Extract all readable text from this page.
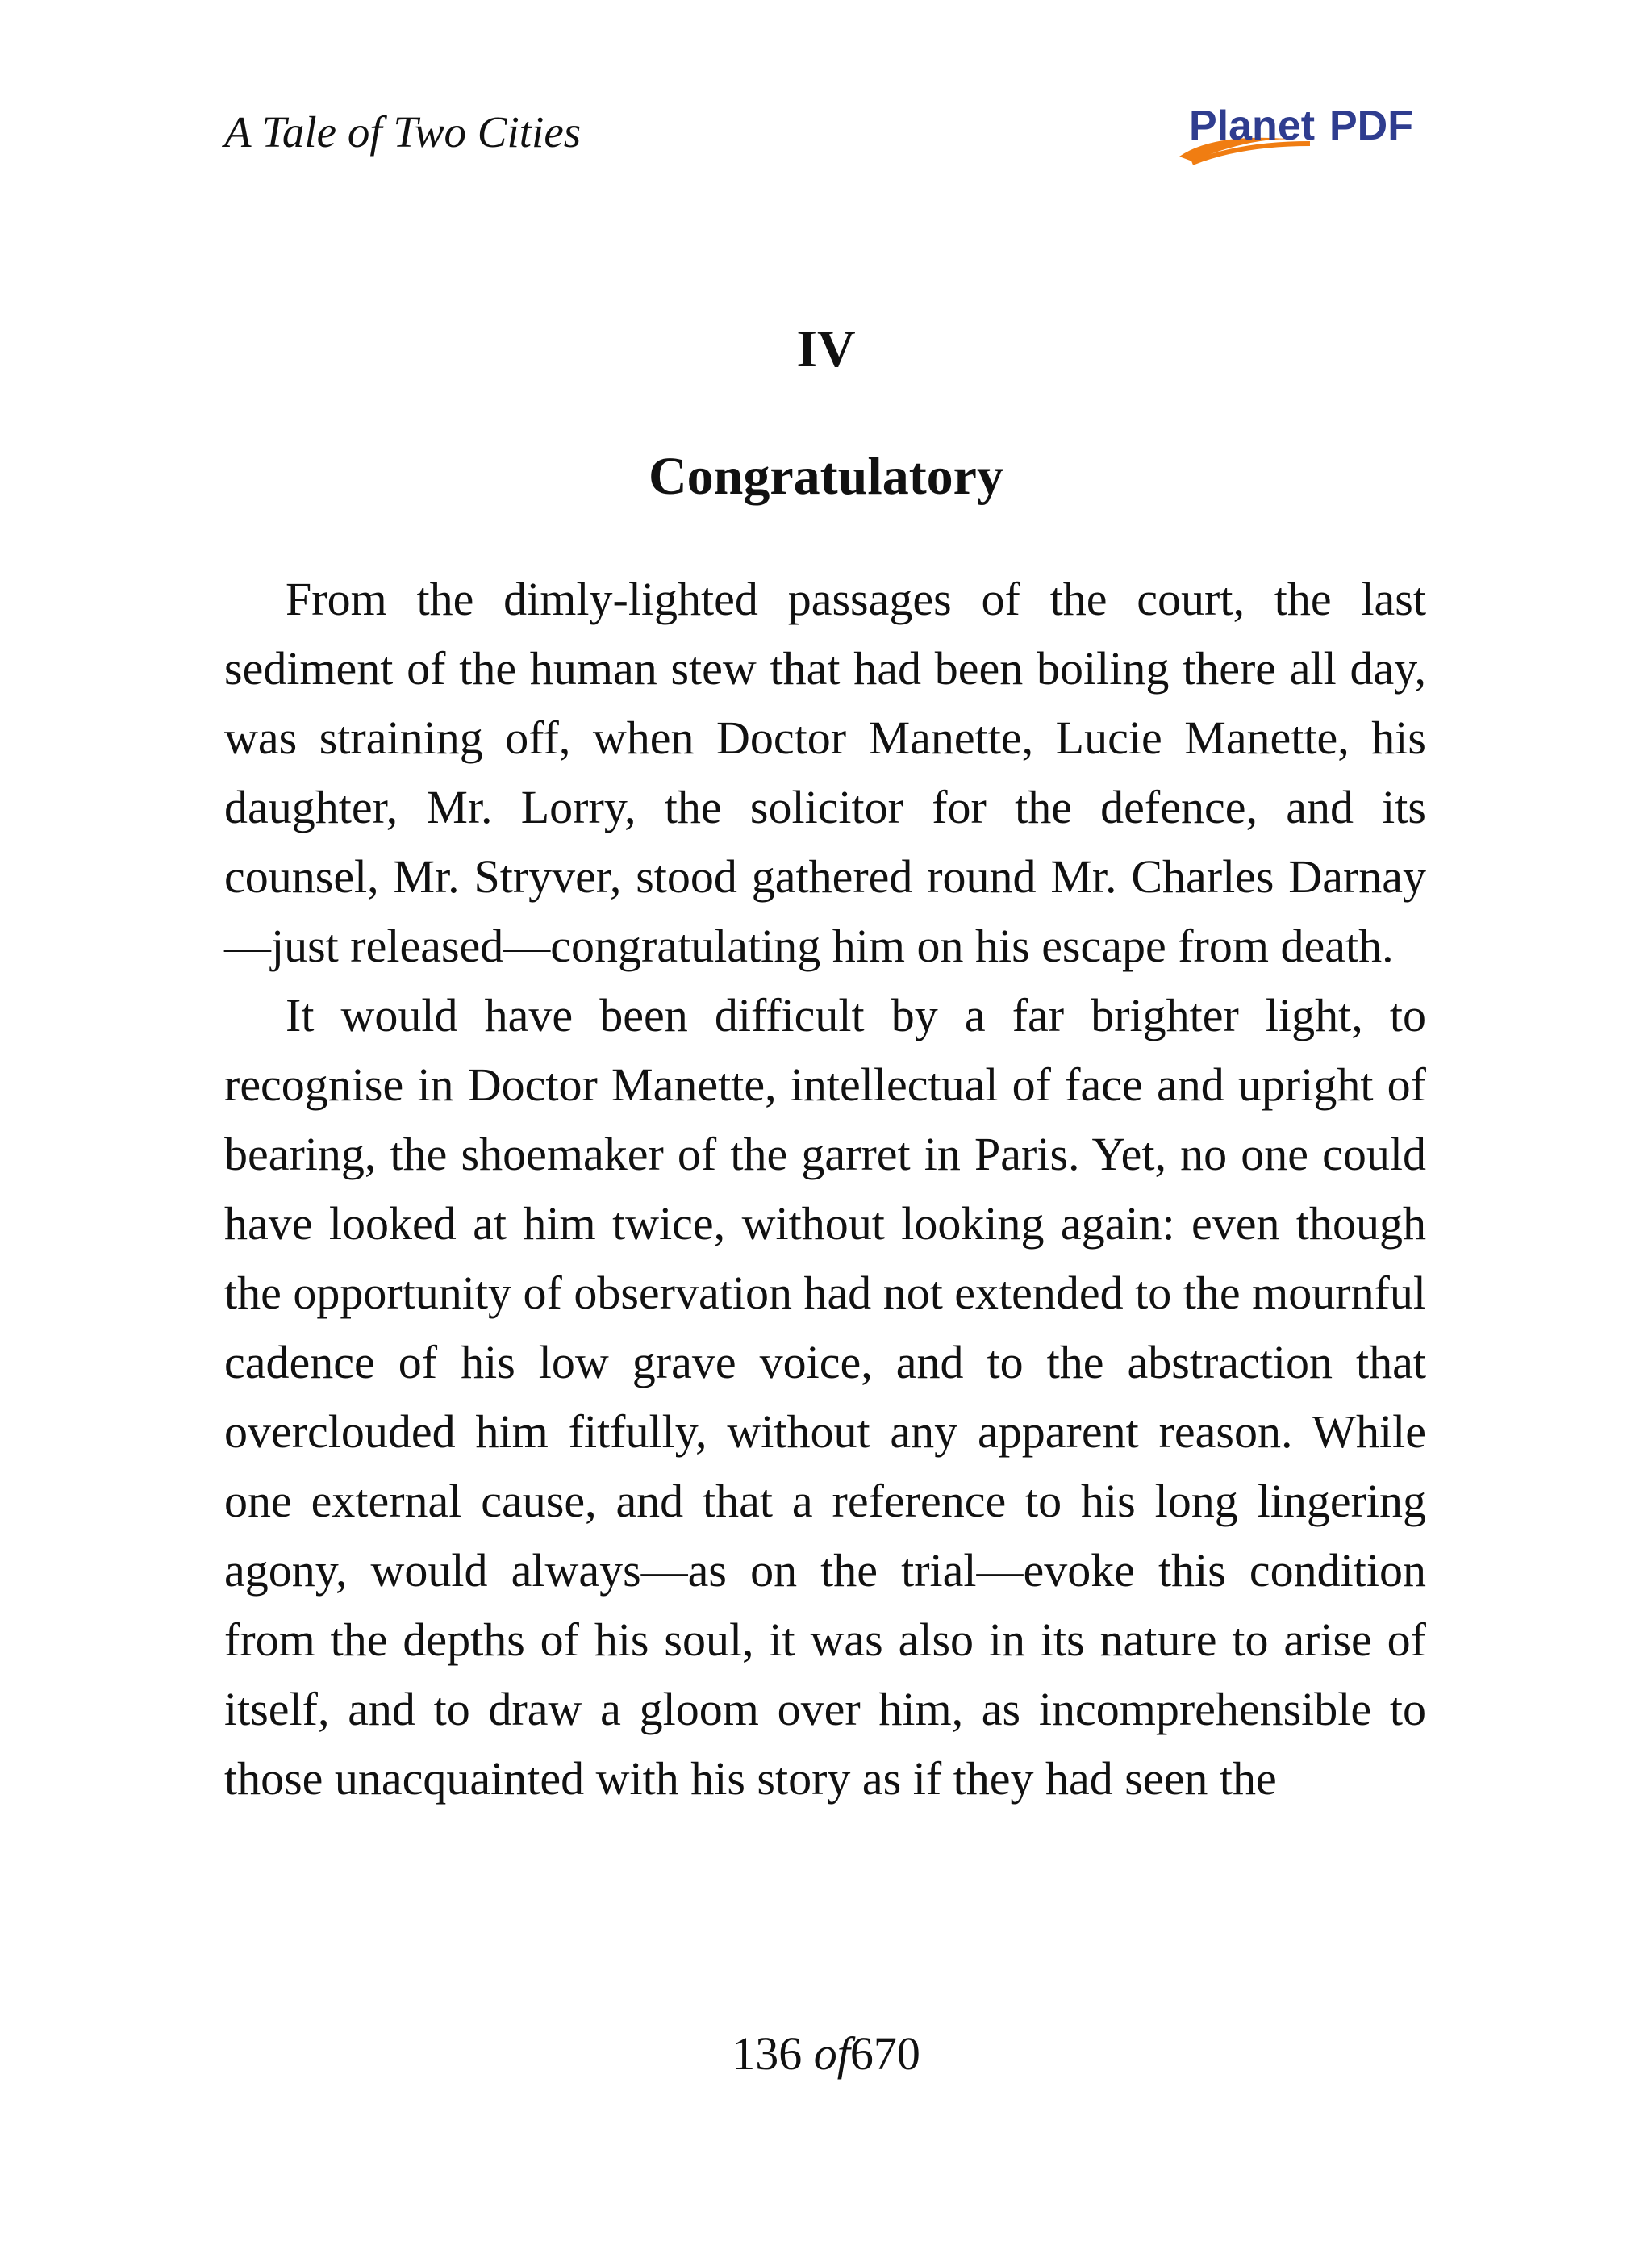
A Tale of Two Cities	Planet PDF
IV
Congratulatory

From the dimly-lighted passages of the court, the last sediment of the human stew that had been boiling there all day, was straining off, when Doctor Manette, Lucie Manette, his daughter, Mr. Lorry, the solicitor for the defence, and its counsel, Mr. Stryver, stood gathered round Mr. Charles Darnay—just released—congratulating him on his escape from death.

It would have been difficult by a far brighter light, to recognise in Doctor Manette, intellectual of face and upright of bearing, the shoemaker of the garret in Paris. Yet, no one could have looked at him twice, without looking again: even though the opportunity of observation had not extended to the mournful cadence of his low grave voice, and to the abstraction that overclouded him fitfully, without any apparent reason. While one external cause, and that a reference to his long lingering agony, would always—as on the trial—evoke this condition from the depths of his soul, it was also in its nature to arise of itself, and to draw a gloom over him, as incomprehensible to those unacquainted with his story as if they had seen the

136 of670
